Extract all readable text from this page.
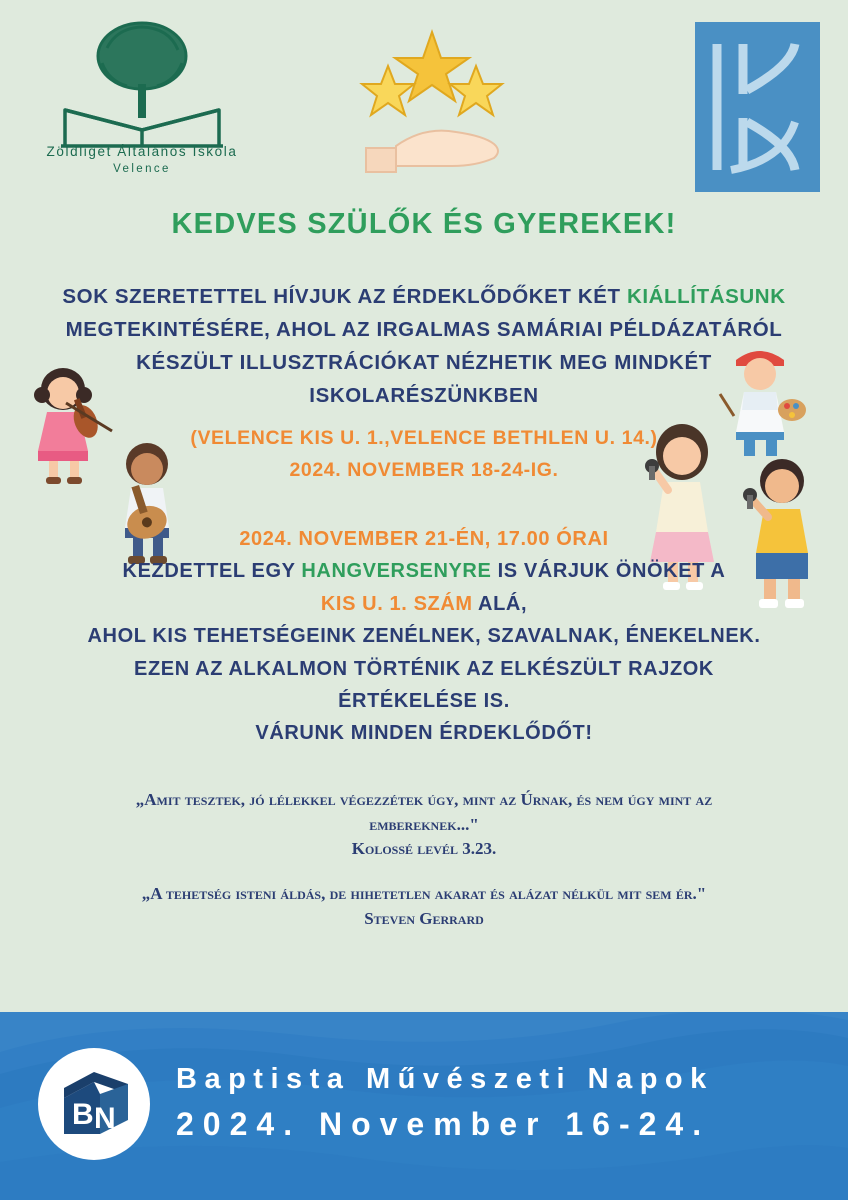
Zöldliget Általános Iskola
Velence
KEDVES SZÜLŐK ÉS GYEREKEK!

SOK SZERETETTEL HÍVJUK AZ ÉRDEKLŐDŐKET KÉT KIÁLLÍTÁSUNK

MEGTEKINTÉSÉRE, AHOL AZ IRGALMAS SAMÁRIAI PÉLDÁZATÁRÓL

KÉSZÜLT ILLUSZTRÁCIÓKAT NÉZHETIK MEG MINDKÉT

ISKOLARÉSZÜNKBEN

(VELENCE KIS U. 1.,VELENCE BETHLEN U. 14.)

2024. NOVEMBER 18-24-IG.

2024. NOVEMBER 21-ÉN, 17.00 ÓRAI

KEZDETTEL EGY HANGVERSENYRE IS VÁRJUK ÖNÖKET A

KIS U. 1. SZÁM ALÁ,

AHOL KIS TEHETSÉGEINK ZENÉLNEK, SZAVALNAK, ÉNEKELNEK.

EZEN AZ ALKALMON TÖRTÉNIK AZ ELKÉSZÜLT RAJZOK

ÉRTÉKELÉSE IS.

VÁRUNK MINDEN ÉRDEKLŐDŐT!

„Amit tesztek, jó lélekkel végezzétek úgy, mint az Úrnak, és nem úgy mint az embereknek..."
Kolossé levél 3.23.
„A tehetség isteni áldás, de hihetetlen akarat és alázat nélkül mit sem ér."
Steven Gerrard
B N
Baptista Művészeti Napok
2024. November 16-24.
